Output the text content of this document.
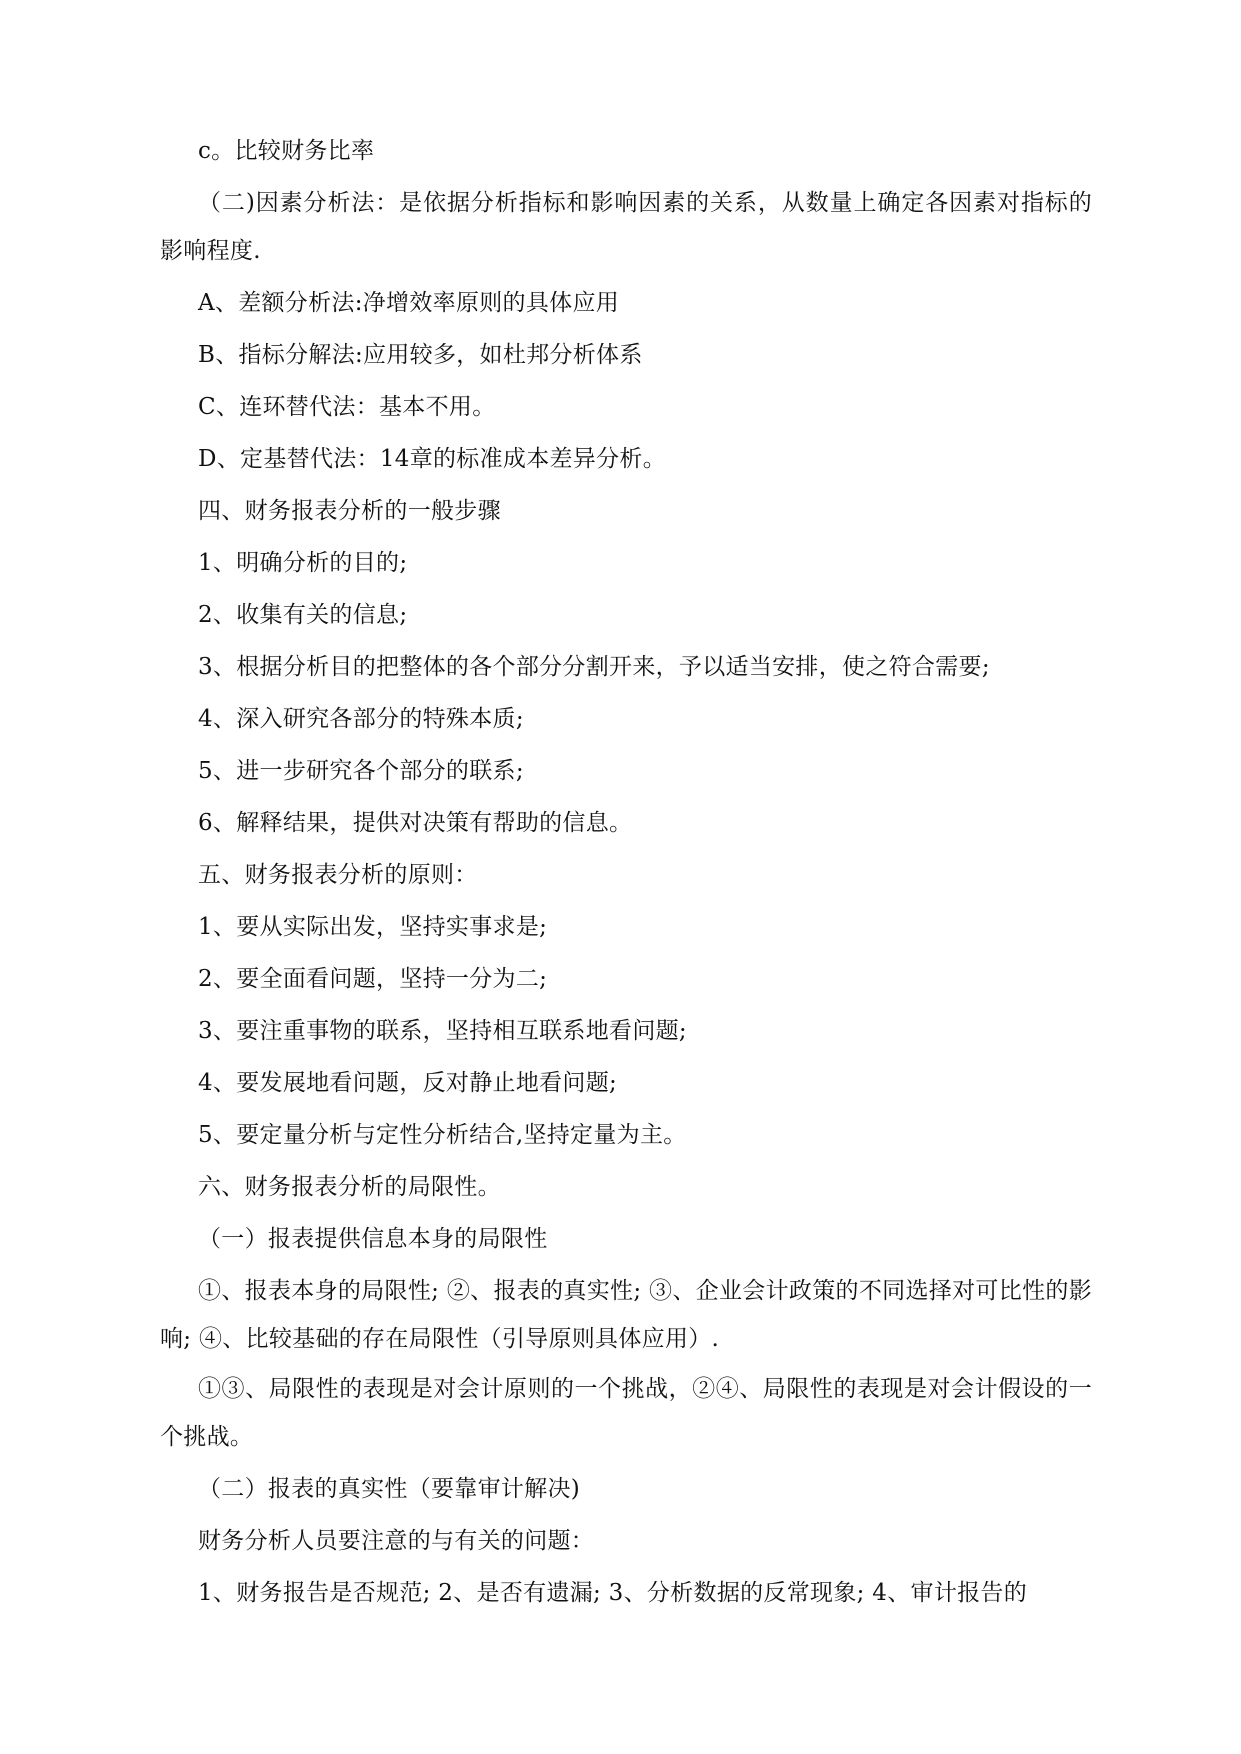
c。比较财务比率

（二)因素分析法：是依据分析指标和影响因素的关系，从数量上确定各因素对指标的影响程度.

A、差额分析法:净增效率原则的具体应用

B、指标分解法:应用较多，如杜邦分析体系

C、连环替代法：基本不用。

D、定基替代法：14章的标准成本差异分析。

四、财务报表分析的一般步骤

1、明确分析的目的;

2、收集有关的信息;

3、根据分析目的把整体的各个部分分割开来，予以适当安排，使之符合需要;

4、深入研究各部分的特殊本质;

5、进一步研究各个部分的联系;

6、解释结果，提供对决策有帮助的信息。

五、财务报表分析的原则：

1、要从实际出发，坚持实事求是;

2、要全面看问题，坚持一分为二;

3、要注重事物的联系，坚持相互联系地看问题;

4、要发展地看问题，反对静止地看问题;

5、要定量分析与定性分析结合,坚持定量为主。

六、财务报表分析的局限性。

（一）报表提供信息本身的局限性

①、报表本身的局限性; ②、报表的真实性; ③、企业会计政策的不同选择对可比性的影响; ④、比较基础的存在局限性（引导原则具体应用）.

①③、局限性的表现是对会计原则的一个挑战，②④、局限性的表现是对会计假设的一个挑战。

（二）报表的真实性（要靠审计解决)

财务分析人员要注意的与有关的问题：

1、财务报告是否规范; 2、是否有遗漏; 3、分析数据的反常现象; 4、审计报告的
